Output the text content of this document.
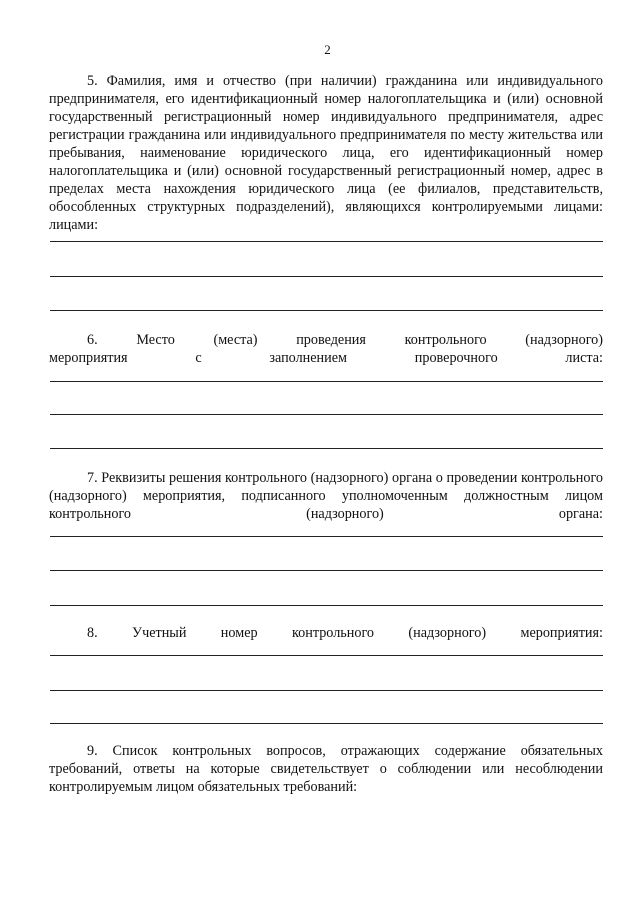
2
5. Фамилия, имя и отчество (при наличии) гражданина или индивидуального предпринимателя, его идентификационный номер налогоплательщика и (или) основной государственный регистрационный номер индивидуального предпринимателя, адрес регистрации гражданина или индивидуального предпринимателя по месту жительства или пребывания, наименование юридического лица, его идентификационный номер налогоплательщика и (или) основной государственный регистрационный номер, адрес в пределах места нахождения юридического лица (ее филиалов, представительств, обособленных структурных подразделений), являющихся контролируемыми лицами: лицами:
6. Место (места) проведения контрольного (надзорного) мероприятия с заполнением проверочного листа:
7. Реквизиты решения контрольного (надзорного) органа о проведении контрольного (надзорного) мероприятия, подписанного уполномоченным должностным лицом контрольного (надзорного) органа:
8. Учетный номер контрольного (надзорного) мероприятия:
9. Список контрольных вопросов, отражающих содержание обязательных требований, ответы на которые свидетельствует о соблюдении или несоблюдении контролируемым лицом обязательных требований:
